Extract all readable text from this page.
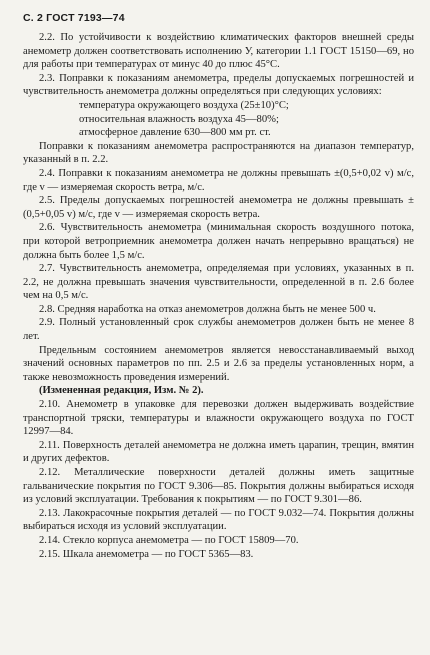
С. 2 ГОСТ 7193—74

2.2. По устойчивости к воздействию климатических факторов внешней среды анемометр должен соответствовать исполнению У, категории 1.1 ГОСТ 15150—69, но для работы при температурах от минус 40 до плюс 45°С.

2.3. Поправки к показаниям анемометра, пределы допускаемых погрешностей и чувствительность анемометра должны определяться при следующих условиях:

температура окружающего воздуха (25±10)°С;

относительная влажность воздуха 45—80%;

атмосферное давление 630—800 мм рт. ст.

Поправки к показаниям анемометра распространяются на диапазон температур, указанный в п. 2.2.

2.4. Поправки к показаниям анемометра не должны превышать ±(0,5+0,02 v) м/с, где v — измеряемая скорость ветра, м/с.

2.5. Пределы допускаемых погрешностей анемометра не должны превышать ±(0,5+0,05 v) м/с, где v — измеряемая скорость ветра.

2.6. Чувствительность анемометра (минимальная скорость воздушного потока, при которой ветроприемник анемометра должен начать непрерывно вращаться) не должна быть более 1,5 м/с.

2.7. Чувствительность анемометра, определяемая при условиях, указанных в п. 2.2, не должна превышать значения чувствительности, определенной в п. 2.6 более чем на 0,5 м/с.

2.8. Средняя наработка на отказ анемометров должна быть не менее 500 ч.

2.9. Полный установленный срок службы анемометров должен быть не менее 8 лет.

Предельным состоянием анемометров является невосстанавливаемый выход значений основных параметров по пп. 2.5 и 2.6 за пределы установленных норм, а также невозможность проведения измерений.

(Измененная редакция, Изм. № 2).

2.10. Анемометр в упаковке для перевозки должен выдерживать воздействие транспортной тряски, температуры и влажности окружающего воздуха по ГОСТ 12997—84.

2.11. Поверхность деталей анемометра не должна иметь царапин, трещин, вмятин и других дефектов.

2.12. Металлические поверхности деталей должны иметь защитные гальванические покрытия по ГОСТ 9.306—85. Покрытия должны выбираться исходя из условий эксплуатации. Требования к покрытиям — по ГОСТ 9.301—86.

2.13. Лакокрасочные покрытия деталей — по ГОСТ 9.032—74. Покрытия должны выбираться исходя из условий эксплуатации.

2.14. Стекло корпуса анемометра — по ГОСТ 15809—70.

2.15. Шкала анемометра — по ГОСТ 5365—83.
